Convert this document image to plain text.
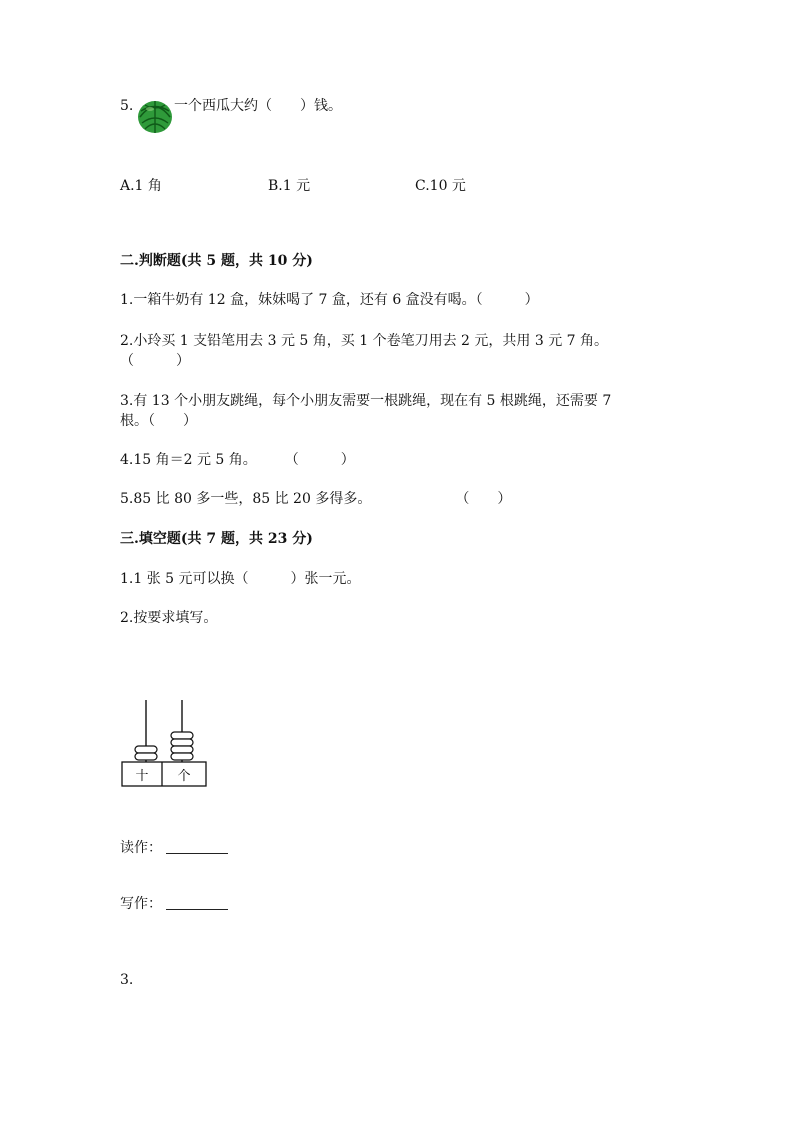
5.	一个西瓜大约（　　）钱。
A.1 角	B.1 元	C.10 元
二.判断题(共 5 题，共 10 分)
1.一箱牛奶有 12 盒，妹妹喝了 7 盒，还有 6 盒没有喝。（　　　）
2.小玲买 1 支铅笔用去 3 元 5 角，买 1 个卷笔刀用去 2 元，共用 3 元 7 角。
（　　　）
3.有 13 个小朋友跳绳，每个小朋友需要一根跳绳，现在有 5 根跳绳，还需要 7
根。（　　）
4.15 角＝2 元 5 角。　　　（　　　）
5.85 比 80 多一些，85 比 20 多得多。　　　　　　　（　　）
三.填空题(共 7 题，共 23 分)
1.1 张 5 元可以换（　　　）张一元。
2.按要求填写。
十 个
读作：
写作：
3.
